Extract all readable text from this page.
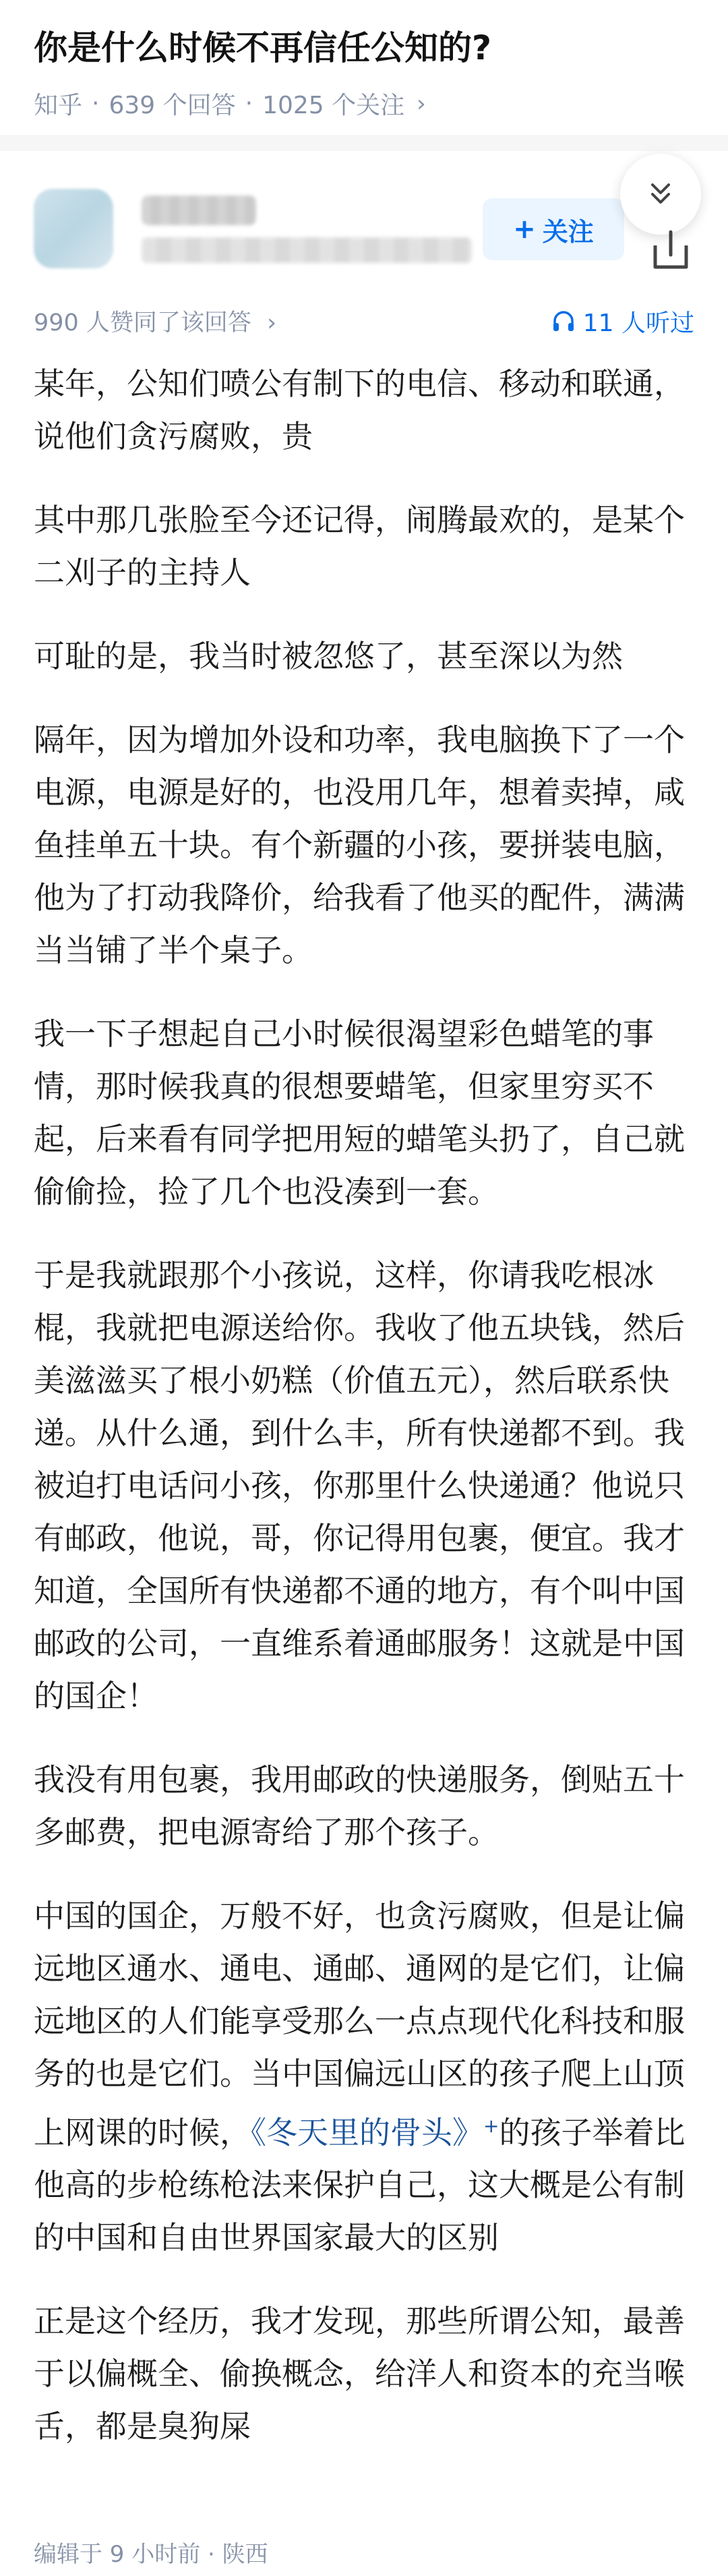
你是什么时候不再信任公知的?
知乎 · 639 个回答 · 1025 个关注 ›
+ 关注
990 人赞同了该回答 ›	11 人听过

某年，公知们喷公有制下的电信、移动和联通，说他们贪污腐败，贵

其中那几张脸至今还记得，闹腾最欢的，是某个二刈子的主持人

可耻的是，我当时被忽悠了，甚至深以为然

隔年，因为增加外设和功率，我电脑换下了一个电源，电源是好的，也没用几年，想着卖掉，咸鱼挂单五十块。有个新疆的小孩，要拼装电脑，他为了打动我降价，给我看了他买的配件，满满当当铺了半个桌子。

我一下子想起自己小时候很渴望彩色蜡笔的事情，那时候我真的很想要蜡笔，但家里穷买不起，后来看有同学把用短的蜡笔头扔了，自己就偷偷捡，捡了几个也没凑到一套。

于是我就跟那个小孩说，这样，你请我吃根冰棍，我就把电源送给你。我收了他五块钱，然后美滋滋买了根小奶糕（价值五元），然后联系快递。从什么通，到什么丰，所有快递都不到。我被迫打电话问小孩，你那里什么快递通？他说只有邮政，他说，哥，你记得用包裹，便宜。我才知道，全国所有快递都不通的地方，有个叫中国邮政的公司，一直维系着通邮服务！这就是中国的国企！

我没有用包裹，我用邮政的快递服务，倒贴五十多邮费，把电源寄给了那个孩子。

中国的国企，万般不好，也贪污腐败，但是让偏远地区通水、通电、通邮、通网的是它们，让偏远地区的人们能享受那么一点点现代化科技和服务的也是它们。当中国偏远山区的孩子爬上山顶上网课的时候，《冬天里的骨头》+的孩子举着比他高的步枪练枪法来保护自己，这大概是公有制的中国和自由世界国家最大的区别

正是这个经历，我才发现，那些所谓公知，最善于以偏概全、偷换概念，给洋人和资本的充当喉舌，都是臭狗屎

编辑于 9 小时前 · 陕西
